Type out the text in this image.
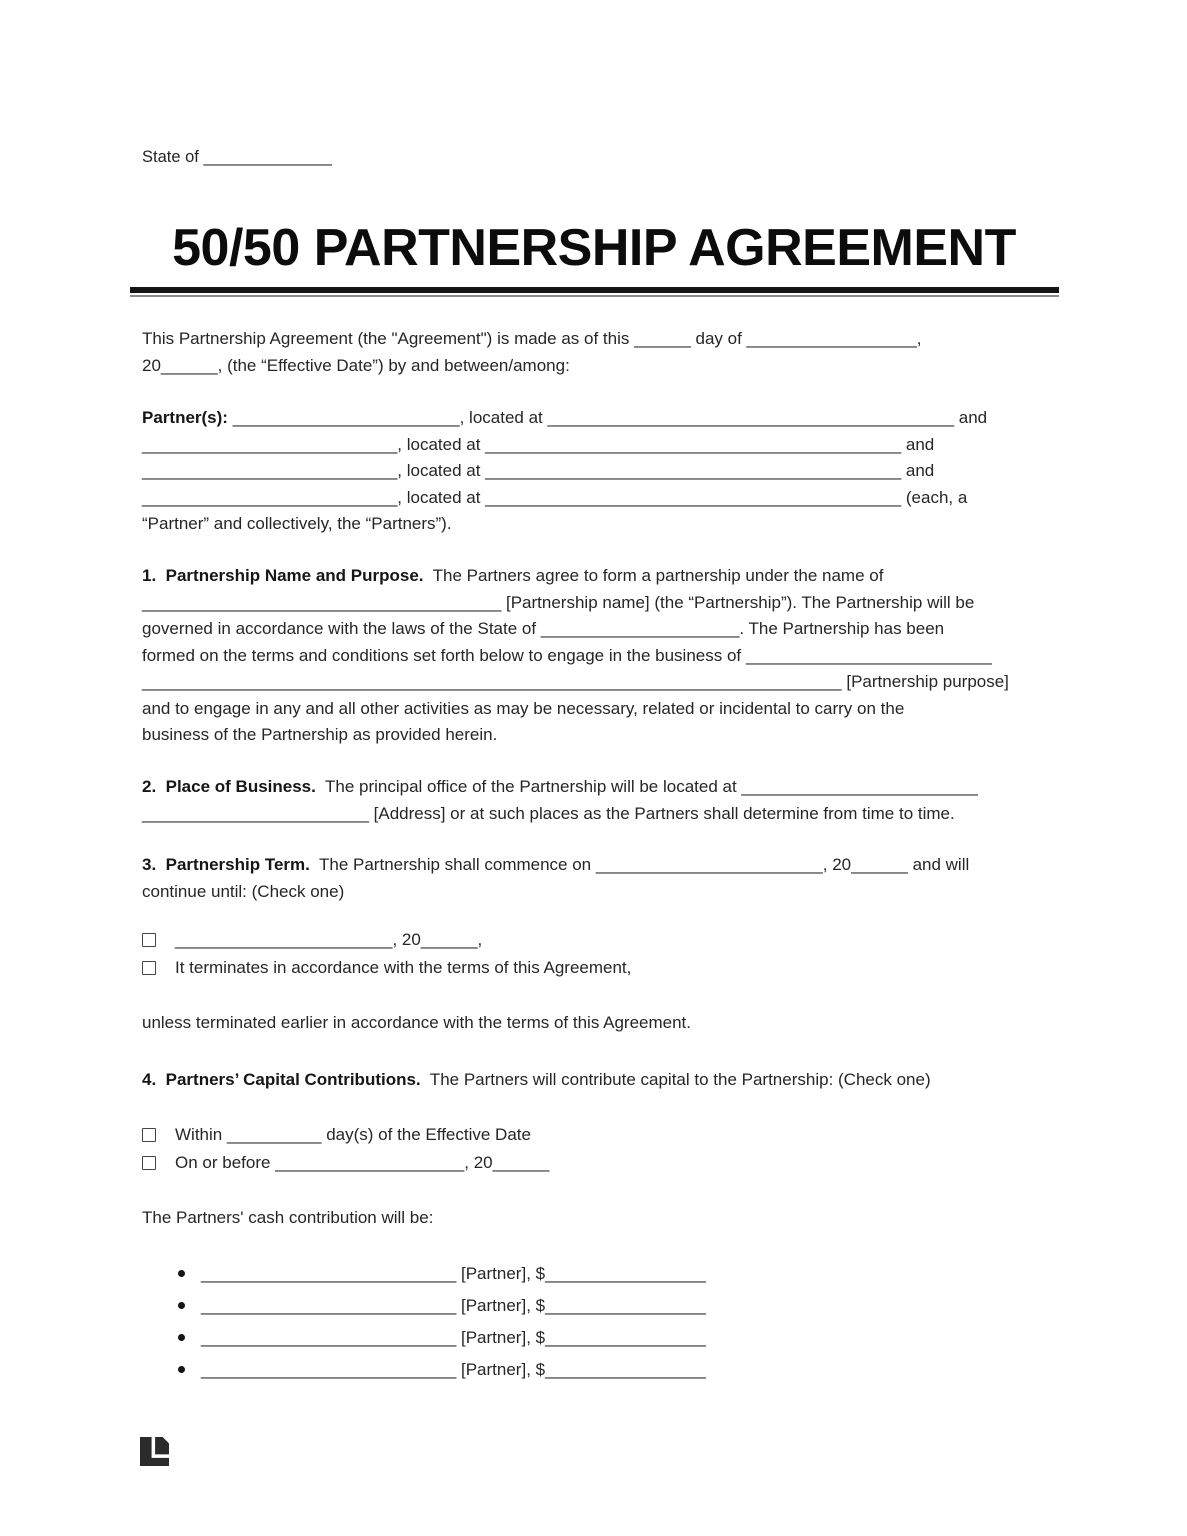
State of ______________
50/50 PARTNERSHIP AGREEMENT
This Partnership Agreement (the "Agreement") is made as of this ______ day of __________________,
20______, (the “Effective Date”) by and between/among:
Partner(s): ________________________, located at ___________________________________________ and
___________________________, located at ____________________________________________ and
___________________________, located at ____________________________________________ and
___________________________, located at ____________________________________________ (each, a
“Partner” and collectively, the “Partners”).
1.  Partnership Name and Purpose.  The Partners agree to form a partnership under the name of
______________________________________ [Partnership name] (the “Partnership”). The Partnership will be
governed in accordance with the laws of the State of _____________________. The Partnership has been
formed on the terms and conditions set forth below to engage in the business of __________________________
__________________________________________________________________________ [Partnership purpose]
and to engage in any and all other activities as may be necessary, related or incidental to carry on the
business of the Partnership as provided herein.
2.  Place of Business.  The principal office of the Partnership will be located at _________________________
________________________ [Address] or at such places as the Partners shall determine from time to time.
3.  Partnership Term.  The Partnership shall commence on ________________________, 20______ and will
continue until: (Check one)
_______________________, 20______,
It terminates in accordance with the terms of this Agreement,
unless terminated earlier in accordance with the terms of this Agreement.
4.  Partners’ Capital Contributions.  The Partners will contribute capital to the Partnership: (Check one)
Within __________ day(s) of the Effective Date
On or before ____________________, 20______
The Partners' cash contribution will be:
___________________________ [Partner], $_________________
___________________________ [Partner], $_________________
___________________________ [Partner], $_________________
___________________________ [Partner], $_________________
